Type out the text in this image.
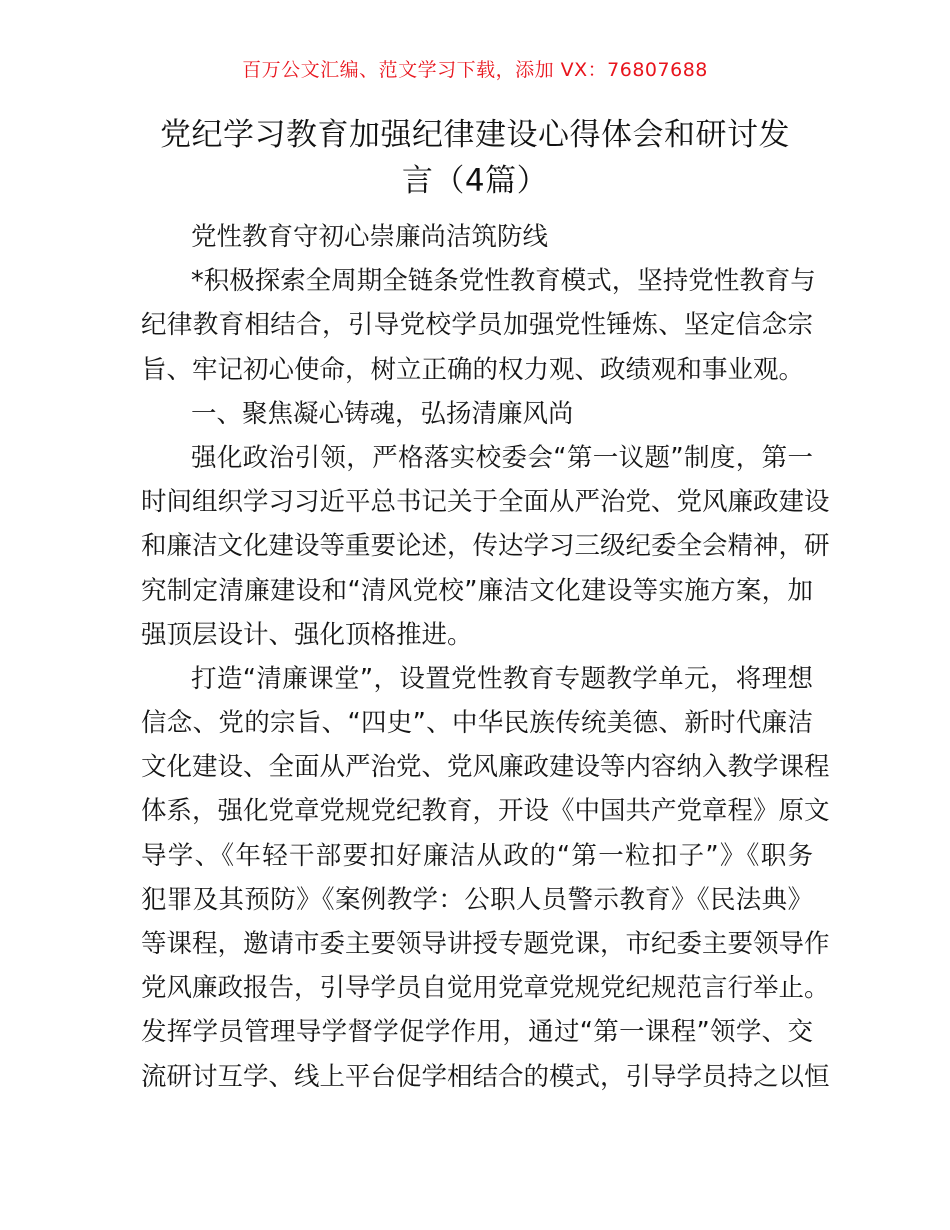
百万公文汇编、范文学习下载，添加 VX：76807688
党纪学习教育加强纪律建设心得体会和研讨发
言（4篇）
党性教育守初心崇廉尚洁筑防线
*积极探索全周期全链条党性教育模式，坚持党性教育与
纪律教育相结合，引导党校学员加强党性锤炼、坚定信念宗
旨、牢记初心使命，树立正确的权力观、政绩观和事业观。
一、聚焦凝心铸魂，弘扬清廉风尚
强化政治引领，严格落实校委会“第一议题”制度，第一
时间组织学习习近平总书记关于全面从严治党、党风廉政建设
和廉洁文化建设等重要论述，传达学习三级纪委全会精神，研
究制定清廉建设和“清风党校”廉洁文化建设等实施方案，加
强顶层设计、强化顶格推进。
打造“清廉课堂”，设置党性教育专题教学单元，将理想
信念、党的宗旨、“四史”、中华民族传统美德、新时代廉洁
文化建设、全面从严治党、党风廉政建设等内容纳入教学课程
体系，强化党章党规党纪教育，开设《中国共产党章程》原文
导学、《年轻干部要扣好廉洁从政的“第一粒扣子”》《职务
犯罪及其预防》《案例教学：公职人员警示教育》《民法典》
等课程，邀请市委主要领导讲授专题党课，市纪委主要领导作
党风廉政报告，引导学员自觉用党章党规党纪规范言行举止。
发挥学员管理导学督学促学作用，通过“第一课程”领学、交
流研讨互学、线上平台促学相结合的模式，引导学员持之以恒
